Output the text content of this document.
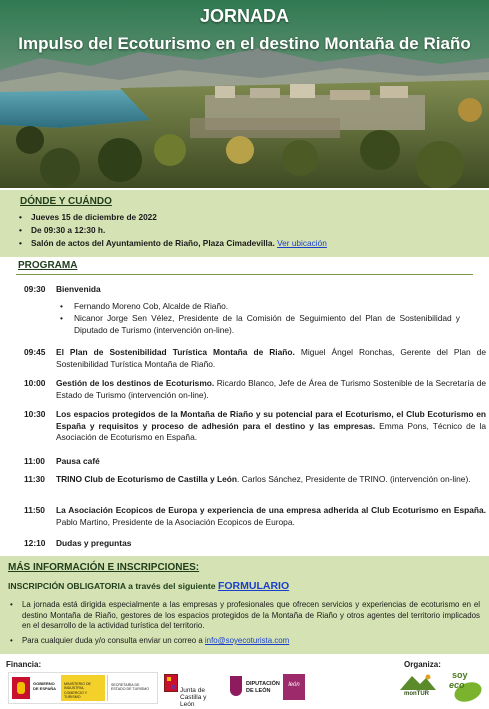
JORNADA
Impulso del Ecoturismo en el destino Montaña de Riaño
DÓNDE Y CUÁNDO
• Jueves 15 de diciembre de 2022
• De 09:30 a 12:30 h.
• Salón de actos del Ayuntamiento de Riaño, Plaza Cimadevilla. Ver ubicación
PROGRAMA
09:30 Bienvenida
• Fernando Moreno Cob, Alcalde de Riaño.
• Nicanor Jorge Sen Vélez, Presidente de la Comisión de Seguimiento del Plan de Sostenibilidad y Diputado de Turismo (intervención on-line).
09:45 El Plan de Sostenibilidad Turística Montaña de Riaño. Miguel Ángel Ronchas, Gerente del Plan de Sostenibilidad Turística Montaña de Riaño.
10:00 Gestión de los destinos de Ecoturismo. Ricardo Blanco, Jefe de Área de Turismo Sostenible de la Secretaría de Estado de Turismo (intervención on-line).
10:30 Los espacios protegidos de la Montaña de Riaño y su potencial para el Ecoturismo, el Club Ecoturismo en España y requisitos y proceso de adhesión para el destino y las empresas. Emma Pons, Técnico de la Asociación de Ecoturismo en España.
11:00 Pausa café
11:30 TRINO Club de Ecoturismo de Castilla y León. Carlos Sánchez, Presidente de TRINO. (intervención on-line).
11:50 La Asociación Ecopicos de Europa y experiencia de una empresa adherida al Club Ecoturismo en España. Pablo Martino, Presidente de la Asociación Ecopicos de Europa.
12:10 Dudas y preguntas
MÁS INFORMACIÓN E INSCRIPCIONES:
INSCRIPCIÓN OBLIGATORIA a través del siguiente FORMULARIO
• La jornada está dirigida especialmente a las empresas y profesionales que ofrecen servicios y experiencias de ecoturismo en el destino Montaña de Riaño, gestores de los espacios protegidos de la Montaña de Riaño y otros agentes del territorio implicados en el desarrollo de la actividad turística del territorio.
• Para cualquier duda y/o consulta enviar un correo a info@soyecoturista.com
Financia:	Organiza:
GOBIERNO
DE ESPAÑA
MINISTERIO DE INDUSTRIA, COMERCIO Y TURISMO
SECRETARÍA DE ESTADO DE TURISMO	Junta de
Castilla y León
DIPUTACIÓN
DE LEÓN
león
monTUR
soy
eco
